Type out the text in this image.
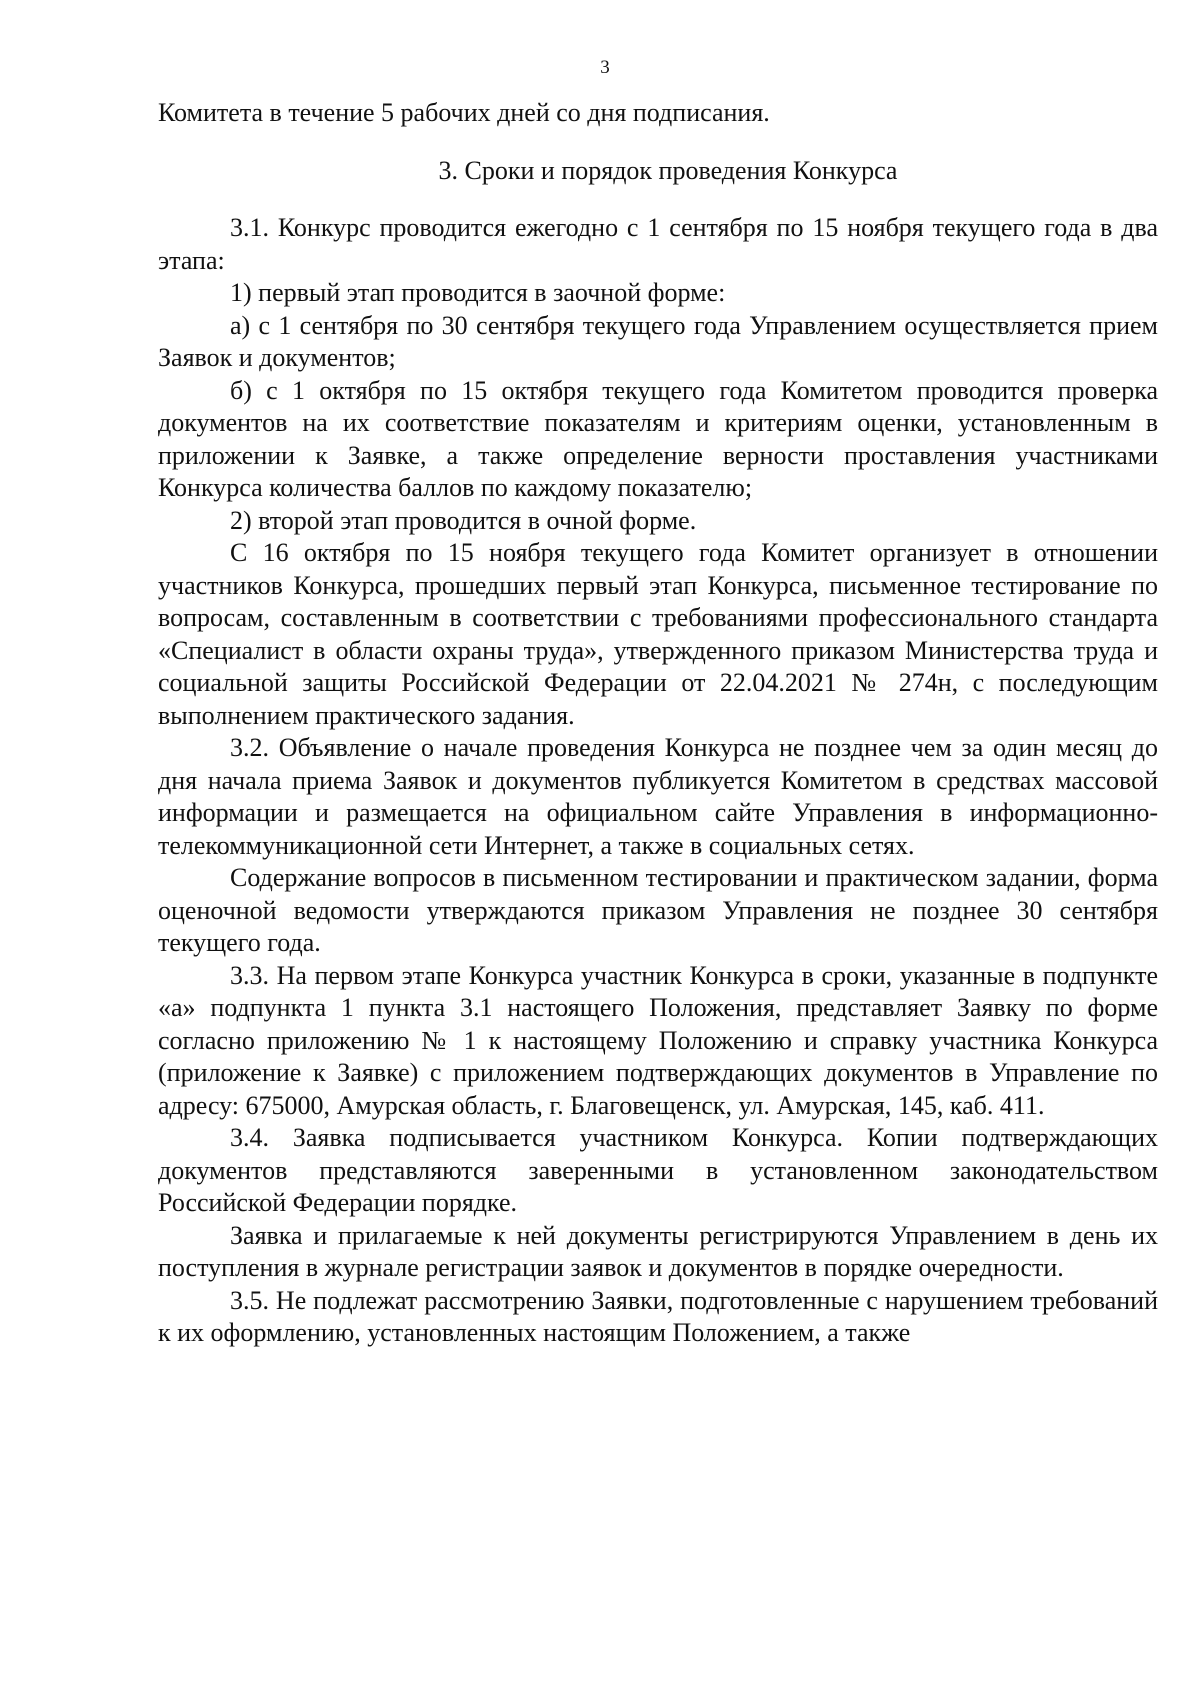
3

Комитета в течение 5 рабочих дней со дня подписания.

3. Сроки и порядок проведения Конкурса

3.1. Конкурс проводится ежегодно с 1 сентября по 15 ноября текущего года в два этапа:

1) первый этап проводится в заочной форме:

а) с 1 сентября по 30 сентября текущего года Управлением осуществляется прием Заявок и документов;

б) с 1 октября по 15 октября текущего года Комитетом проводится проверка документов на их соответствие показателям и критериям оценки, установленным в приложении к Заявке, а также определение верности проставления участниками Конкурса количества баллов по каждому показателю;

2) второй этап проводится в очной форме.

С 16 октября по 15 ноября текущего года Комитет организует в отношении участников Конкурса, прошедших первый этап Конкурса, письменное тестирование по вопросам, составленным в соответствии с требованиями профессионального стандарта «Специалист в области охраны труда», утвержденного приказом Министерства труда и социальной защиты Российской Федерации от 22.04.2021 № 274н, с последующим выполнением практического задания.

3.2. Объявление о начале проведения Конкурса не позднее чем за один месяц до дня начала приема Заявок и документов публикуется Комитетом в средствах массовой информации и размещается на официальном сайте Управления в информационно-телекоммуникационной сети Интернет, а также в социальных сетях.

Содержание вопросов в письменном тестировании и практическом задании, форма оценочной ведомости утверждаются приказом Управления не позднее 30 сентября текущего года.

3.3. На первом этапе Конкурса участник Конкурса в сроки, указанные в подпункте «а» подпункта 1 пункта 3.1 настоящего Положения, представляет Заявку по форме согласно приложению № 1 к настоящему Положению и справку участника Конкурса (приложение к Заявке) с приложением подтверждающих документов в Управление по адресу: 675000, Амурская область, г. Благовещенск, ул. Амурская, 145, каб. 411.

3.4. Заявка подписывается участником Конкурса. Копии подтверждающих документов представляются заверенными в установленном законодательством Российской Федерации порядке.

Заявка и прилагаемые к ней документы регистрируются Управлением в день их поступления в журнале регистрации заявок и документов в порядке очередности.

3.5. Не подлежат рассмотрению Заявки, подготовленные с нарушением требований к их оформлению, установленных настоящим Положением, а также
